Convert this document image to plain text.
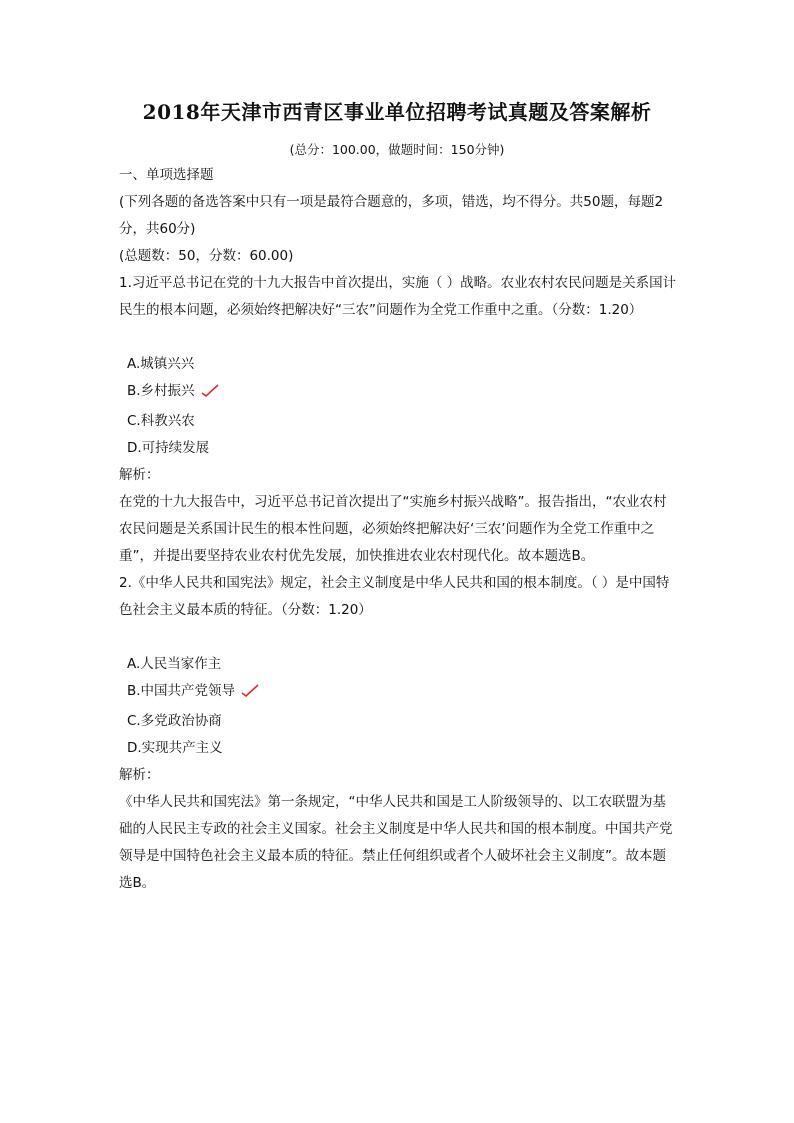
2018年天津市西青区事业单位招聘考试真题及答案解析
(总分：100.00，做题时间：150分钟)

一、单项选择题

(下列各题的备选答案中只有一项是最符合题意的，多项，错选，均不得分。共50题，每题2分，共60分)

(总题数：50，分数：60.00)

1.习近平总书记在党的十九大报告中首次提出，实施（ ）战略。农业农村农民问题是关系国计民生的根本问题，必须始终把解决好“三农”问题作为全党工作重中之重。（分数：1.20）

A.城镇兴兴

B.乡村振兴

C.科教兴农

D.可持续发展

解析：

在党的十九大报告中，习近平总书记首次提出了“实施乡村振兴战略”。报告指出，“农业农村农民问题是关系国计民生的根本性问题，必须始终把解决好‘三农’问题作为全党工作重中之重”，并提出要坚持农业农村优先发展，加快推进农业农村现代化。故本题选B。

2.《中华人民共和国宪法》规定，社会主义制度是中华人民共和国的根本制度。（ ）是中国特色社会主义最本质的特征。（分数：1.20）

A.人民当家作主

B.中国共产党领导

C.多党政治协商

D.实现共产主义

解析：

《中华人民共和国宪法》第一条规定，“中华人民共和国是工人阶级领导的、以工农联盟为基础的人民民主专政的社会主义国家。社会主义制度是中华人民共和国的根本制度。中国共产党领导是中国特色社会主义最本质的特征。禁止任何组织或者个人破坏社会主义制度”。故本题选B。
